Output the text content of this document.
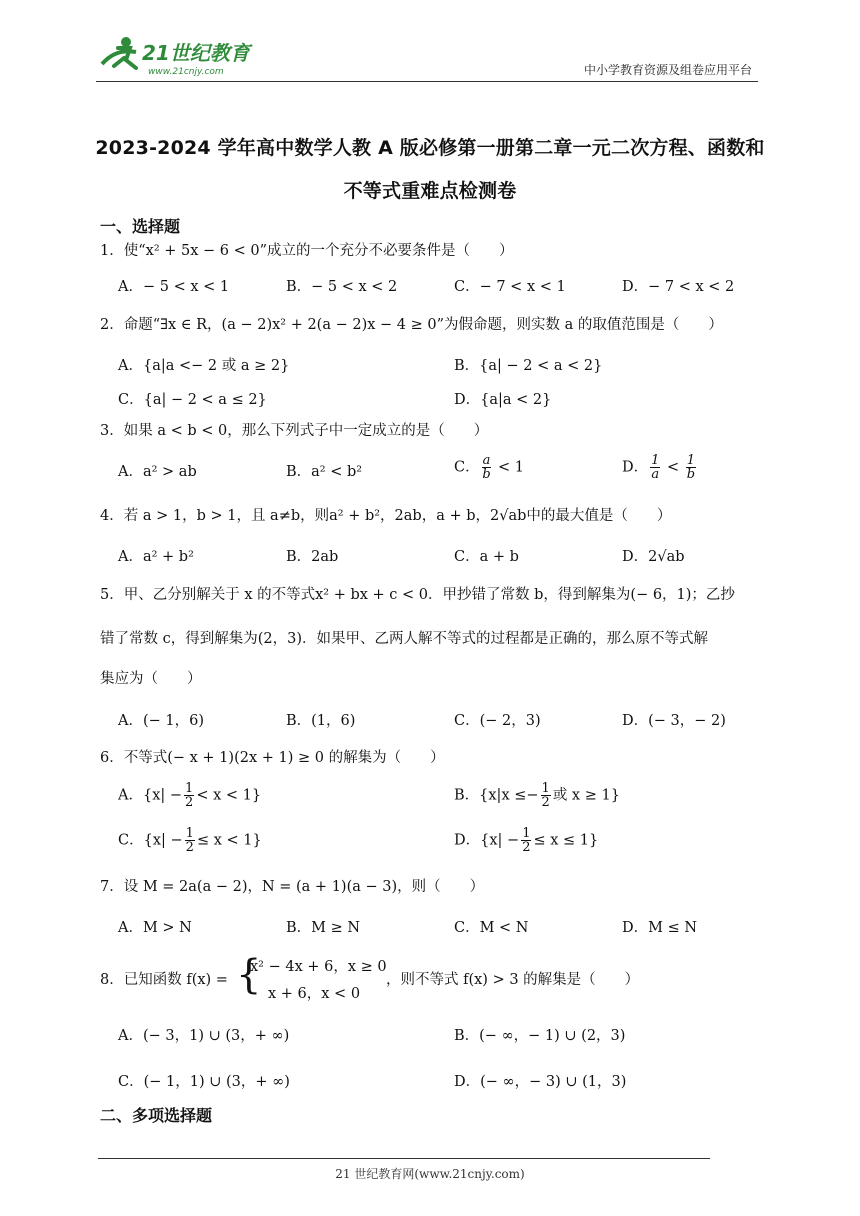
21世纪教育
www.21cnjy.com	中小学教育资源及组卷应用平台
2023-2024 学年高中数学人教 A 版必修第一册第二章一元二次方程、函数和
不等式重难点检测卷
一、选择题
1．使“x² + 5x − 6 < 0”成立的一个充分不必要条件是（　　）
A．− 5 < x < 1	B．− 5 < x < 2	C．− 7 < x < 1	D．− 7 < x < 2
2．命题“∃x ∈ R，(a − 2)x² + 2(a − 2)x − 4 ≥ 0”为假命题，则实数 a 的取值范围是（　　）
A．{a|a <− 2 或 a ≥ 2}	B．{a| − 2 < a < 2}
C．{a| − 2 < a ≤ 2}	D．{a|a < 2}
3．如果 a < b < 0，那么下列式子中一定成立的是（　　）
A．a² > ab	B．a² < b²	C． $\frac{a}{b} < 1$	D． $\frac{1}{a} < \frac{1}{b}$
4．若 a > 1，b > 1，且 a≠b，则a² + b²，2ab，a + b，2√ab中的最大值是（　　）
A．a² + b²	B．2ab	C．a + b	D．2√ab
5．甲、乙分别解关于 x 的不等式x² + bx + c < 0．甲抄错了常数 b，得到解集为(− 6，1)；乙抄
错了常数 c，得到解集为(2，3)．如果甲、乙两人解不等式的过程都是正确的，那么原不等式解
集应为（　　）
A．(− 1，6)	B．(1，6)	C．(− 2，3)	D．(− 3，− 2)
6．不等式(− x + 1)(2x + 1) ≥ 0 的解集为（　　）
A．$\{x| - \frac{1}{2} < x < 1\}$	B．{$x|x \le- \frac{1}{2}$ 或 x ≥ 1}
C．$\{x| - \frac{1}{2} \le x < 1\}$	D．$\{x| - \frac{1}{2} \le x \le 1\}$
7．设 M = 2a(a − 2)，N = (a + 1)(a − 3)，则（　　）
A．M > N	B．M ≥ N	C．M < N	D．M ≤ N
8．已知函数 f(x) = {
x² − 4x + 6，x ≥ 0
x + 6，x < 0
，则不等式 f(x) > 3 的解集是（　　）
A．(− 3，1) ∪ (3，+ ∞)	B．(− ∞，− 1) ∪ (2，3)
C．(− 1，1) ∪ (3，+ ∞)	D．(− ∞，− 3) ∪ (1，3)
二、多项选择题
21 世纪教育网(www.21cnjy.com)
